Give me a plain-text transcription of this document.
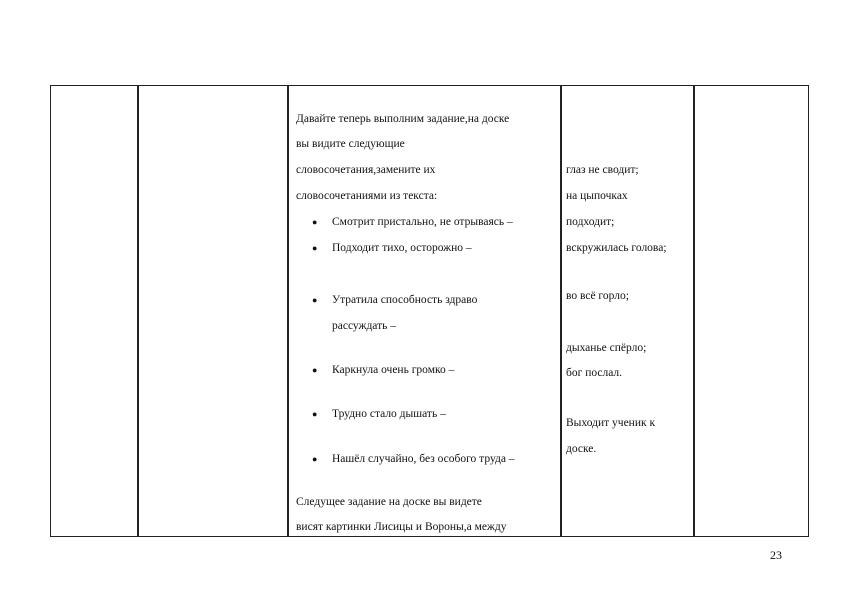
Давайте теперь выполним задание,на доске
вы видите следующие
словосочетания,замените их
словосочетаниями из текста:
● Смотрит пристально, не отрываясь –
● Подходит тихо, осторожно –
● Утратила способность здраво
рассуждать –
● Каркнула очень громко –
● Трудно стало дышать –
● Нашёл случайно, без особого труда –
Следущее задание на доске вы видете
висят картинки Лисицы и Вороны,а между
глаз не сводит;
на цыпочках
подходит;
вскружилась голова;
во всё горло;
дыханье спёрло;
бог послал.
Выходит ученик к
доске.
23
